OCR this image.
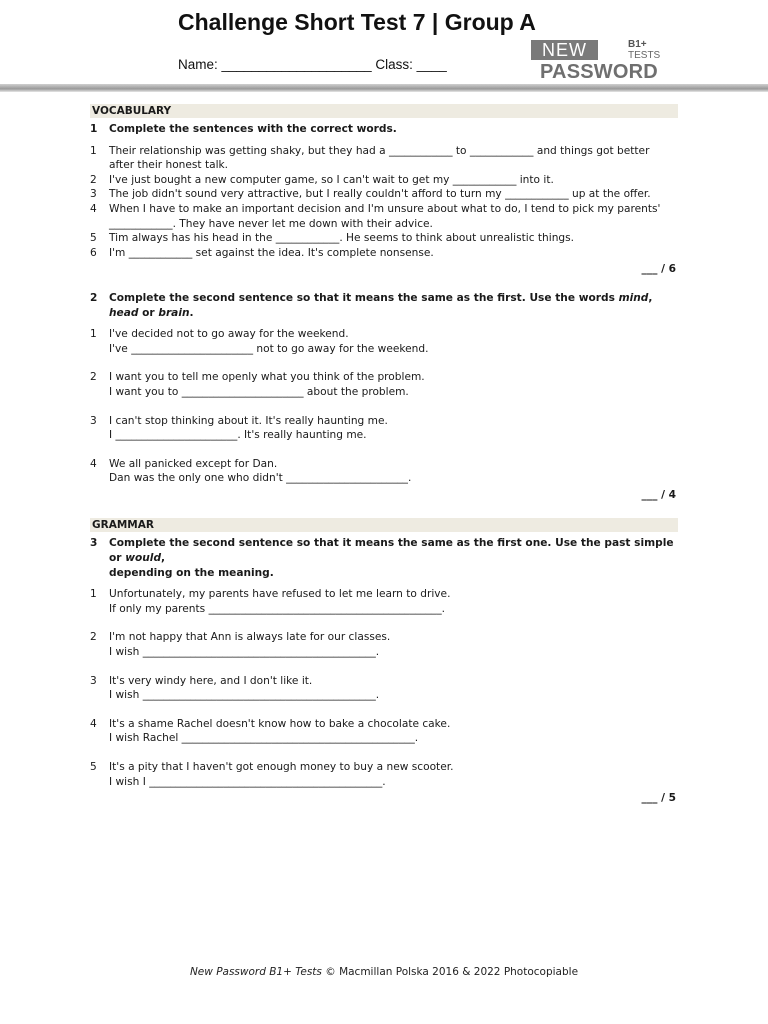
Challenge Short Test 7 | Group A
Name: ____________________ Class: ____
NEW	B1+
TESTS
PASSWORD
VOCABULARY
1	Complete the sentences with the correct words.
1	Their relationship was getting shaky, but they had a ____________ to ____________ and things got better
after their honest talk.
2	I've just bought a new computer game, so I can't wait to get my ____________ into it.
3	The job didn't sound very attractive, but I really couldn't afford to turn my ____________ up at the offer.
4	When I have to make an important decision and I'm unsure about what to do, I tend to pick my parents'
____________. They have never let me down with their advice.
5	Tim always has his head in the ____________. He seems to think about unrealistic things.
6	I'm ____________ set against the idea. It's complete nonsense.
___ / 6
2	Complete the second sentence so that it means the same as the first. Use the words mind, head or brain.
1	I've decided not to go away for the weekend.
I've _______________________ not to go away for the weekend.
2	I want you to tell me openly what you think of the problem.
I want you to _______________________ about the problem.
3	I can't stop thinking about it. It's really haunting me.
I _______________________. It's really haunting me.
4	We all panicked except for Dan.
Dan was the only one who didn't _______________________.
___ / 4
GRAMMAR
3	Complete the second sentence so that it means the same as the first one. Use the past simple or would,
depending on the meaning.
1	Unfortunately, my parents have refused to let me learn to drive.
If only my parents ____________________________________________.
2	I'm not happy that Ann is always late for our classes.
I wish ____________________________________________.
3	It's very windy here, and I don't like it.
I wish ____________________________________________.
4	It's a shame Rachel doesn't know how to bake a chocolate cake.
I wish Rachel ____________________________________________.
5	It's a pity that I haven't got enough money to buy a new scooter.
I wish I ____________________________________________.
___ / 5
New Password B1+ Tests © Macmillan Polska 2016 & 2022 Photocopiable
